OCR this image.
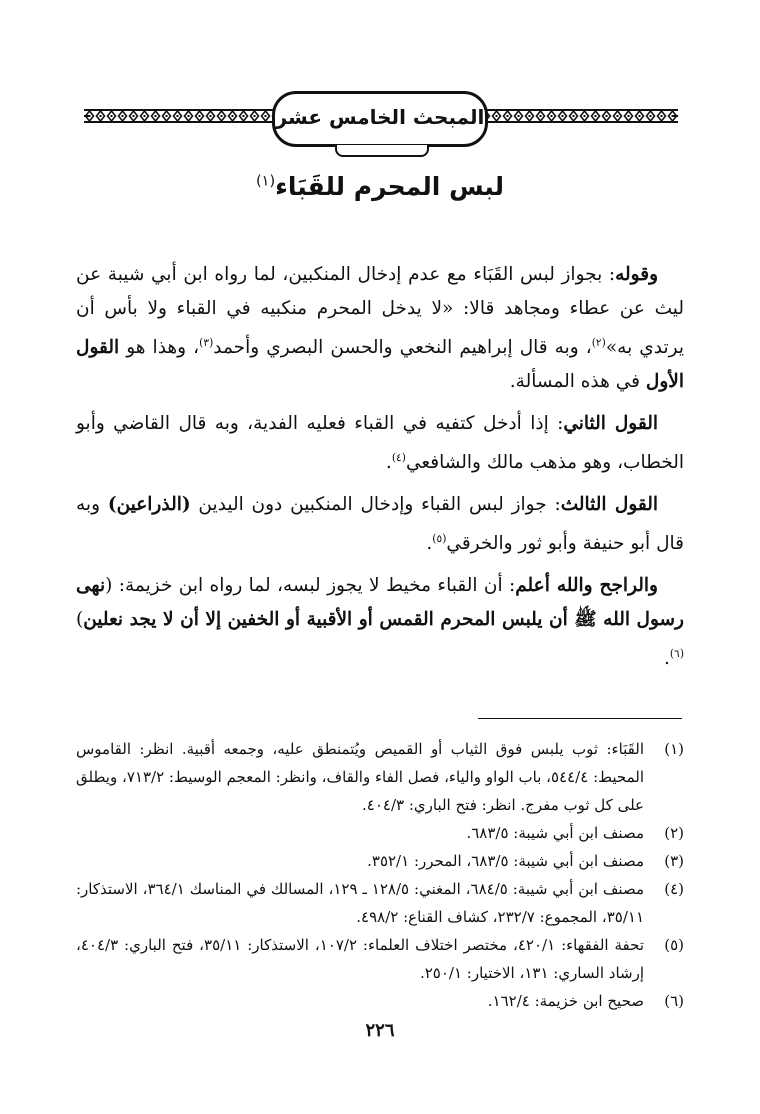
المبحث الخامس عشر
لبس المحرم للقَبَاء$^{(١)}$

وقوله: بجواز لبس القَبَاء مع عدم إدخال المنكبين، لما رواه ابن أبي شيبة عن ليث عن عطاء ومجاهد قالا: «لا يدخل المحرم منكبيه في القباء ولا بأس أن يرتدي به»$^{(٢)}$، وبه قال إبراهيم النخعي والحسن البصري وأحمد$^{(٣)}$، وهذا هو القول الأول في هذه المسألة.

القول الثاني: إذا أدخل كتفيه في القباء فعليه الفدية، وبه قال القاضي وأبو الخطاب، وهو مذهب مالك والشافعي$^{(٤)}$.

القول الثالث: جواز لبس القباء وإدخال المنكبين دون اليدين (الذراعين) وبه قال أبو حنيفة وأبو ثور والخرقي$^{(٥)}$.

والراجح والله أعلم: أن القباء مخيط لا يجوز لبسه، لما رواه ابن خزيمة: (نهى رسول الله ﷺ أن يلبس المحرم القمس أو الأقبية أو الخفين إلا أن لا يجد نعلين)$^{(٦)}$.

(١)
القَبَاء: ثوب يلبس فوق الثياب أو القميص ويُتمنطق عليه، وجمعه أقبية. انظر: القاموس المحيط: ٥٤٤/٤، باب الواو والياء، فصل الفاء والقاف، وانظر: المعجم الوسيط: ٧١٣/٢، ويطلق على كل ثوب مفرج. انظر: فتح الباري: ٤٠٤/٣.
(٢)
مصنف ابن أبي شيبة: ٦٨٣/٥.
(٣)
مصنف ابن أبي شيبة: ٦٨٣/٥، المحرر: ٣٥٢/١.
(٤)
مصنف ابن أبي شيبة: ٦٨٤/٥، المغني: ١٢٨/٥ ـ ١٢٩، المسالك في المناسك ٣٦٤/١، الاستذكار: ٣٥/١١، المجموع: ٢٣٢/٧، كشاف القناع: ٤٩٨/٢.
(٥)
تحفة الفقهاء: ٤٢٠/١، مختصر اختلاف العلماء: ١٠٧/٢، الاستذكار: ٣٥/١١، فتح الباري: ٤٠٤/٣، إرشاد الساري: ١٣١، الاختيار: ٢٥٠/١.
(٦)
صحيح ابن خزيمة: ١٦٢/٤.
٢٢٦
